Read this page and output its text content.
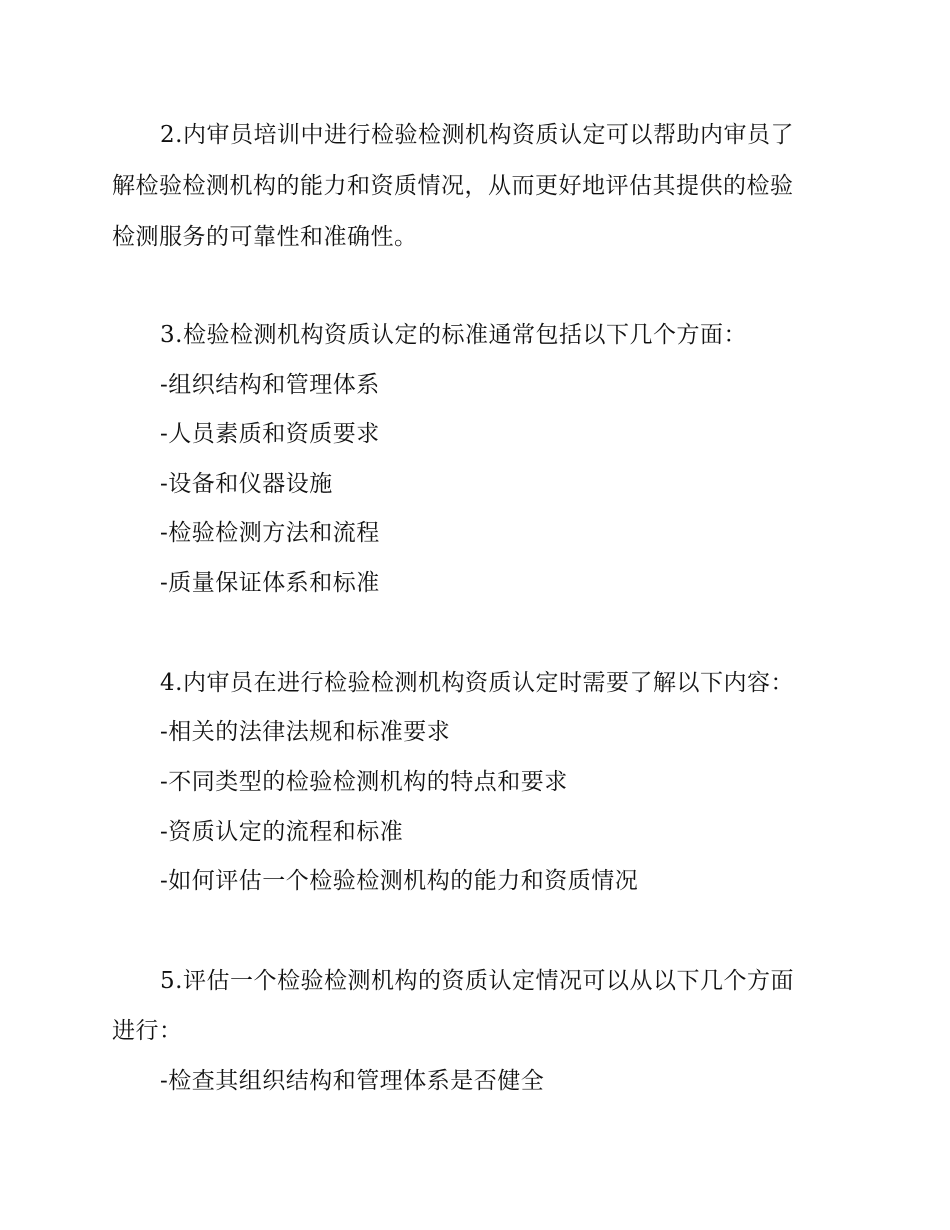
2.内审员培训中进行检验检测机构资质认定可以帮助内审员了
解检验检测机构的能力和资质情况，从而更好地评估其提供的检验
检测服务的可靠性和准确性。
3.检验检测机构资质认定的标准通常包括以下几个方面：
-组织结构和管理体系
-人员素质和资质要求
-设备和仪器设施
-检验检测方法和流程
-质量保证体系和标准
4.内审员在进行检验检测机构资质认定时需要了解以下内容：
-相关的法律法规和标准要求
-不同类型的检验检测机构的特点和要求
-资质认定的流程和标准
-如何评估一个检验检测机构的能力和资质情况
5.评估一个检验检测机构的资质认定情况可以从以下几个方面
进行：
-检查其组织结构和管理体系是否健全
